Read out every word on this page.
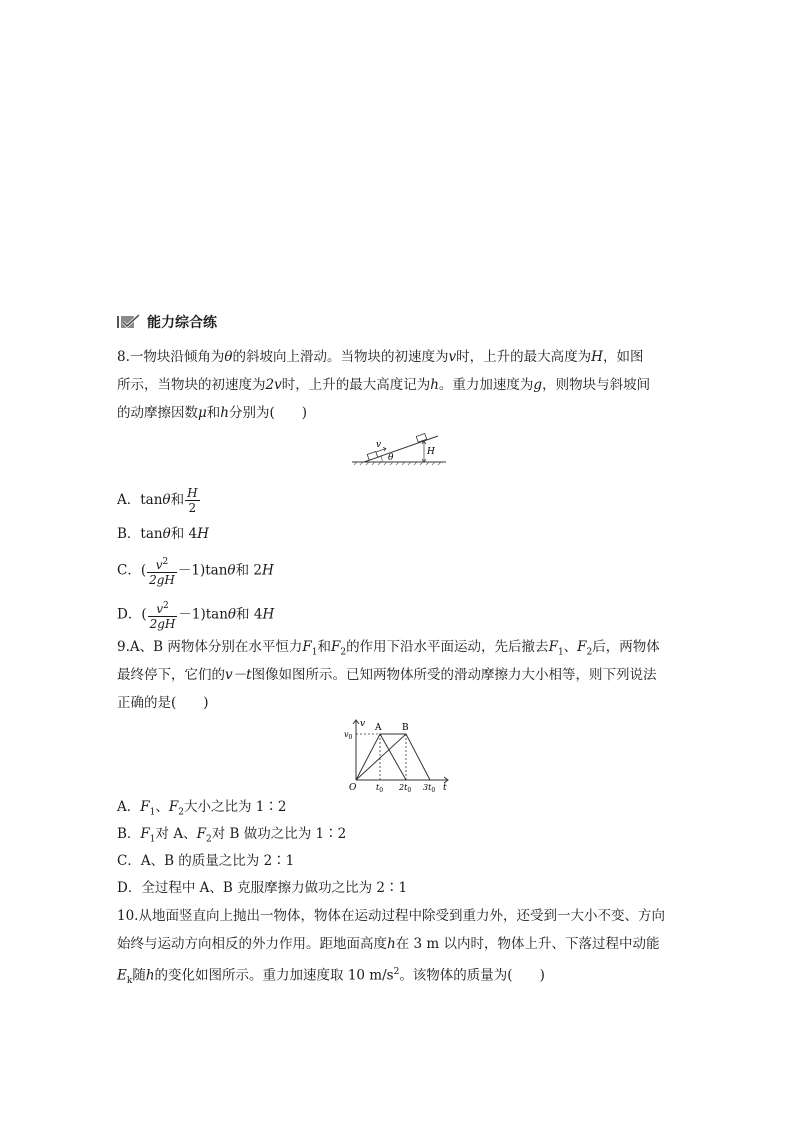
能力综合练
8.一物块沿倾角为θ的斜坡向上滑动。当物块的初速度为v时，上升的最大高度为H，如图
所示，当物块的初速度为2v时，上升的最大高度记为h。重力加速度为g，则物块与斜坡间
的动摩擦因数μ和h分别为(　　)
v
θ
H
A．tanθ和 $\frac{H}{2}$
B．tanθ和 4H
C．( $\frac{v^2}{2gH} -1)\tan\theta$和 2H
D．( $\frac{v^2}{2gH} -1)\tan\theta$和 4H
9.A、B 两物体分别在水平恒力$F_1$和$F_2$的作用下沿水平面运动，先后撤去$F_1$、$F_2$后，两物体
最终停下，它们的v－t图像如图所示。已知两物体所受的滑动摩擦力大小相等，则下列说法
正确的是(　　)
v
t
O
$v_0$
A B
$t_0$ $2t_0$ $3t_0$
A．$F_1$、$F_2$大小之比为 1∶2
B．$F_1$对 A、$F_2$对 B 做功之比为 1∶2
C．A、B 的质量之比为 2∶1
D．全过程中 A、B 克服摩擦力做功之比为 2∶1
10.从地面竖直向上抛出一物体，物体在运动过程中除受到重力外，还受到一大小不变、方向
始终与运动方向相反的外力作用。距地面高度h在 3 m 以内时，物体上升、下落过程中动能
$E_k$随h的变化如图所示。重力加速度取 10 $m/s^2$。该物体的质量为(　　)
